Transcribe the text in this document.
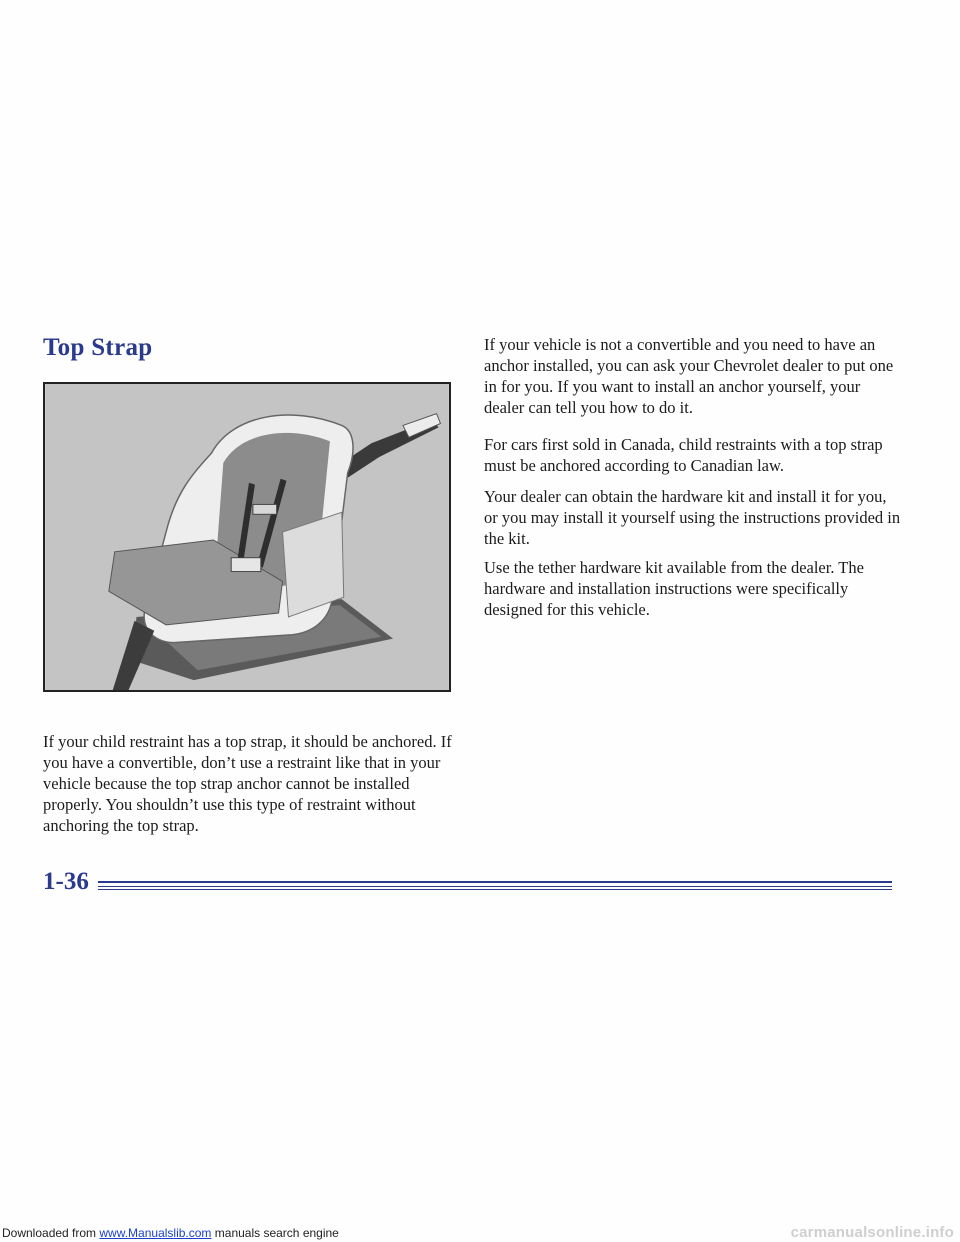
Top Strap

If your child restraint has a top strap, it should be anchored. If you have a convertible, don’t use a restraint like that in your vehicle because the top strap anchor cannot be installed properly. You shouldn’t use this type of restraint without anchoring the top strap.

If your vehicle is not a convertible and you need to have an anchor installed, you can ask your Chevrolet dealer to put one in for you. If you want to install an anchor yourself, your dealer can tell you how to do it.

For cars first sold in Canada, child restraints with a top strap must be anchored according to Canadian law.

Your dealer can obtain the hardware kit and install it for you, or you may install it yourself using the instructions provided in the kit.

Use the tether hardware kit available from the dealer. The hardware and installation instructions were specifically designed for this vehicle.

1-36
Downloaded from www.Manualslib.com manuals search engine	carmanualsonline.info
